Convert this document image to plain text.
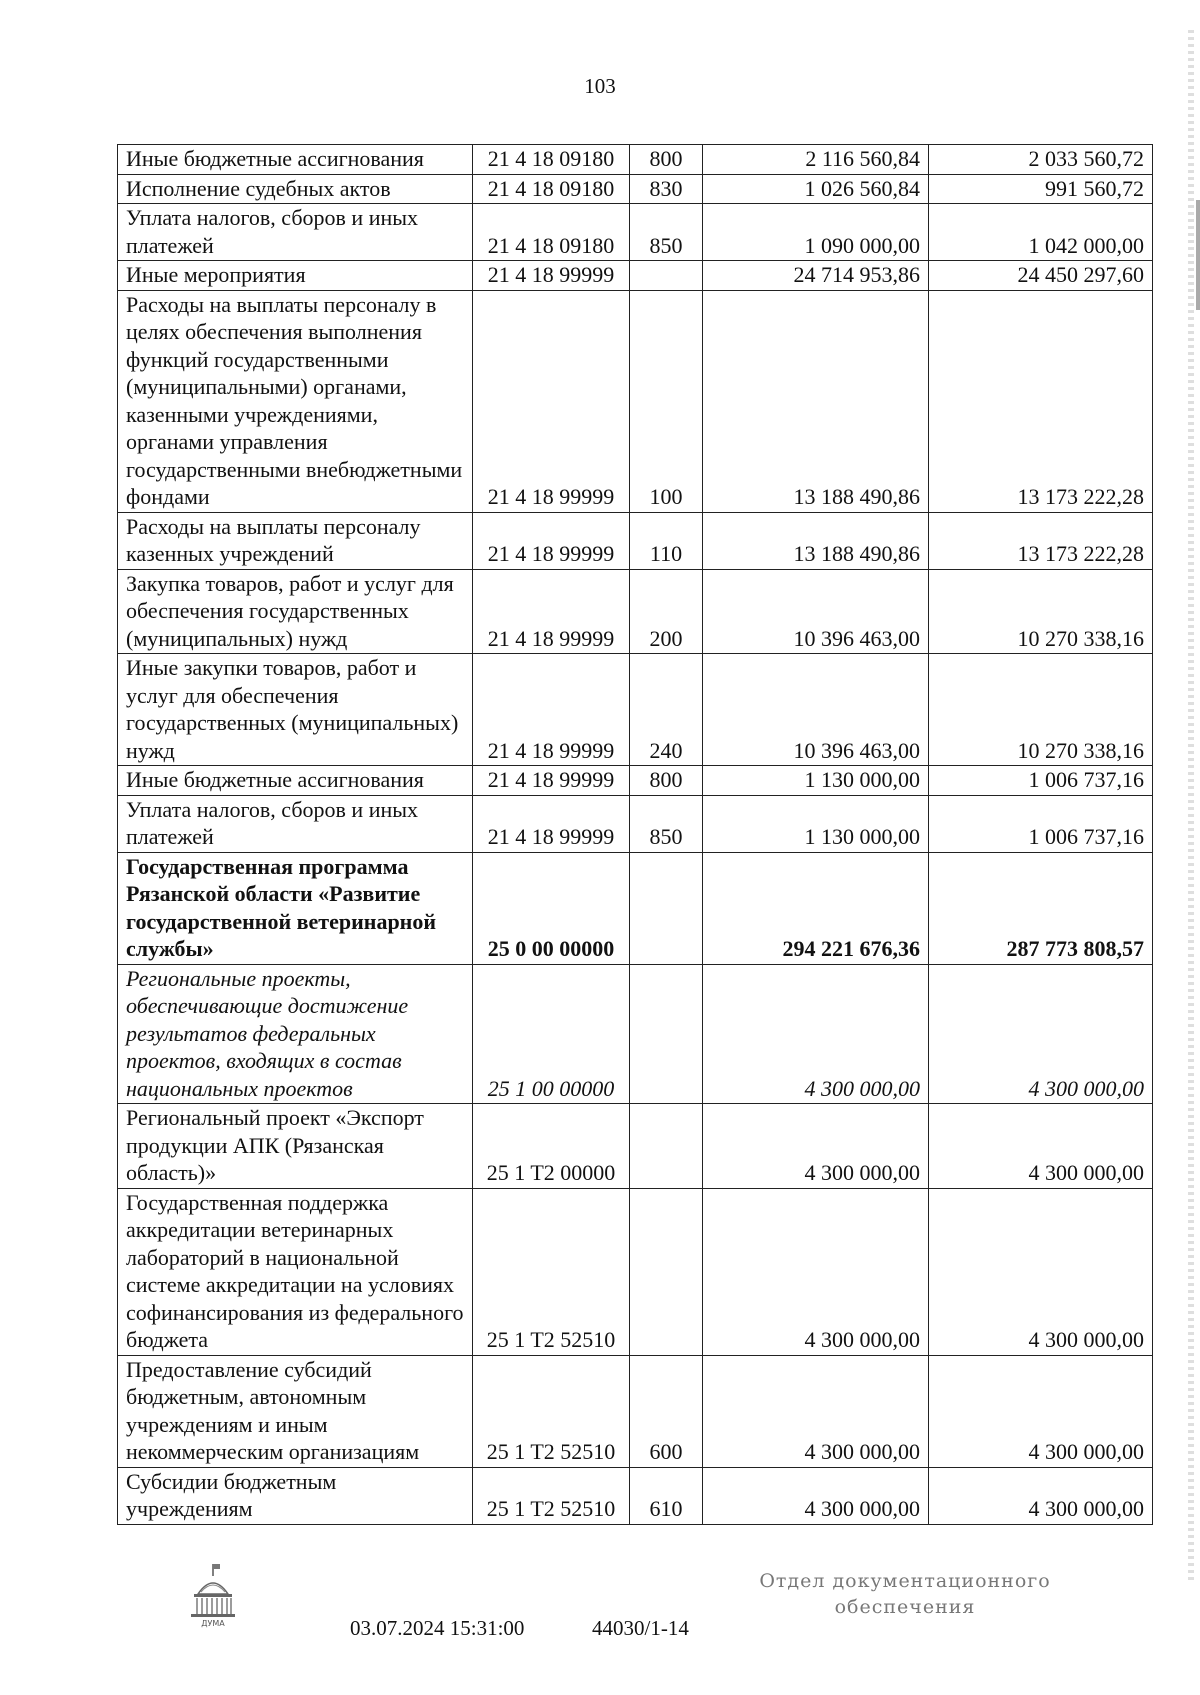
103
Иные бюджетные ассигнования	21 4 18 09180	800	2 116 560,84	2 033 560,72
Исполнение судебных актов	21 4 18 09180	830	1 026 560,84	991 560,72
Уплата налогов, сборов и иных платежей	21 4 18 09180	850	1 090 000,00	1 042 000,00
Иные мероприятия	21 4 18 99999		24 714 953,86	24 450 297,60
Расходы на выплаты персоналу в целях обеспечения выполнения функций государственными (муниципальными) органами, казенными учреждениями, органами управления государственными внебюджетными фондами	21 4 18 99999	100	13 188 490,86	13 173 222,28
Расходы на выплаты персоналу казенных учреждений	21 4 18 99999	110	13 188 490,86	13 173 222,28
Закупка товаров, работ и услуг для обеспечения государственных (муниципальных) нужд	21 4 18 99999	200	10 396 463,00	10 270 338,16
Иные закупки товаров, работ и услуг для обеспечения государственных (муниципальных) нужд	21 4 18 99999	240	10 396 463,00	10 270 338,16
Иные бюджетные ассигнования	21 4 18 99999	800	1 130 000,00	1 006 737,16
Уплата налогов, сборов и иных платежей	21 4 18 99999	850	1 130 000,00	1 006 737,16
Государственная программа Рязанской области «Развитие государственной ветеринарной службы»	25 0 00 00000		294 221 676,36	287 773 808,57
Региональные проекты, обеспечивающие достижение результатов федеральных проектов, входящих в состав национальных проектов	25 1 00 00000		4 300 000,00	4 300 000,00
Региональный проект «Экспорт продукции АПК (Рязанская область)»	25 1 T2 00000		4 300 000,00	4 300 000,00
Государственная поддержка аккредитации ветеринарных лабораторий в национальной системе аккредитации на условиях софинансирования из федерального бюджета	25 1 T2 52510		4 300 000,00	4 300 000,00
Предоставление субсидий бюджетным, автономным учреждениям и иным некоммерческим организациям	25 1 T2 52510	600	4 300 000,00	4 300 000,00
Субсидии бюджетным учреждениям	25 1 T2 52510	610	4 300 000,00	4 300 000,00
ДУМА	03.07.2024 15:31:00	44030/1-14
Отдел документационного
обеспечения
